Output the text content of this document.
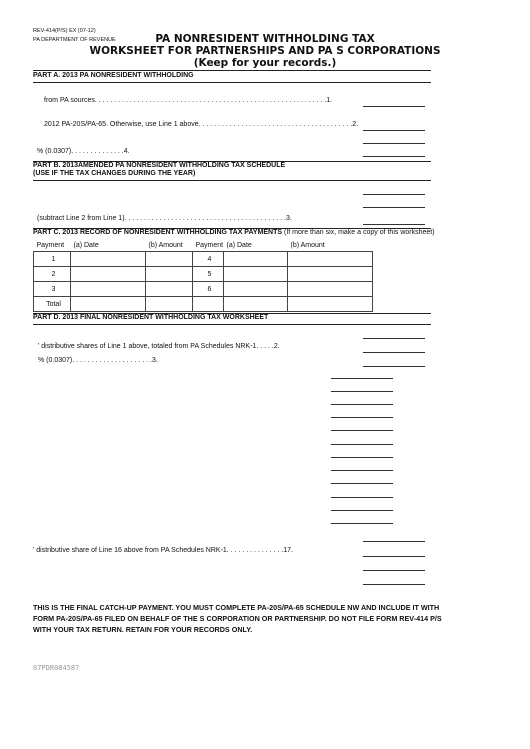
REV-414(P/S) EX (07-12)
PA DEPARTMENT OF REVENUE	PA NONRESIDENT WITHHOLDING TAX
WORKSHEET FOR PARTNERSHIPS AND PA S CORPORATIONS
(Keep for your records.)
PART A. 2013 PA NONRESIDENT WITHHOLDING
from PA sources. . . . . . . . . . . . . . . . . . . . . . . . . . . . . . . . . . . . . . . . . . . . . . . . . . . . . . . . . . . .1.
2012 PA-20S/PA-65. Otherwise, use Line 1 above. . . . . . . . . . . . . . . . . . . . . . . . . . . . . . . . . . . . . . . .2.
% (0.0307). . . . . . . . . . . . . .4.
PART B. 2013AMENDED PA NONRESIDENT WITHHOLDING TAX SCHEDULE
(USE IF THE TAX CHANGES DURING THE YEAR)
(subtract Line 2 from Line 1). . . . . . . . . . . . . . . . . . . . . . . . . . . . . . . . . . . . . . . . . .3.
PART C. 2013 RECORD OF NONRESIDENT WITHHOLDING TAX PAYMENTS (If more than six, make a copy of this worksheet)
Payment	(a) Date	(b) Amount	Payment	(a) Date	(b) Amount
1			4		
2			5		
3			6		
Total					
PART D. 2013 FINAL NONRESIDENT WITHHOLDING TAX WORKSHEET
' distributive shares of Line 1 above, totaled from PA Schedules NRK-1. . . . .2.
% (0.0307). . . . . . . . . . . . . . . . . . . . .3.
' distributive share of Line 16 above from PA Schedules NRK-1. . . . . . . . . . . . . . .17.
THIS IS THE FINAL CATCH-UP PAYMENT. YOU MUST COMPLETE PA-20S/PA-65 SCHEDULE NW AND INCLUDE IT WITH
FORM PA-20S/PA-65 FILED ON BEHALF OF THE S CORPORATION OR PARTNERSHIP. DO NOT FILE FORM REV-414 P/S
WITH YOUR TAX RETURN. RETAIN FOR YOUR RECORDS ONLY.
07PDR084587
